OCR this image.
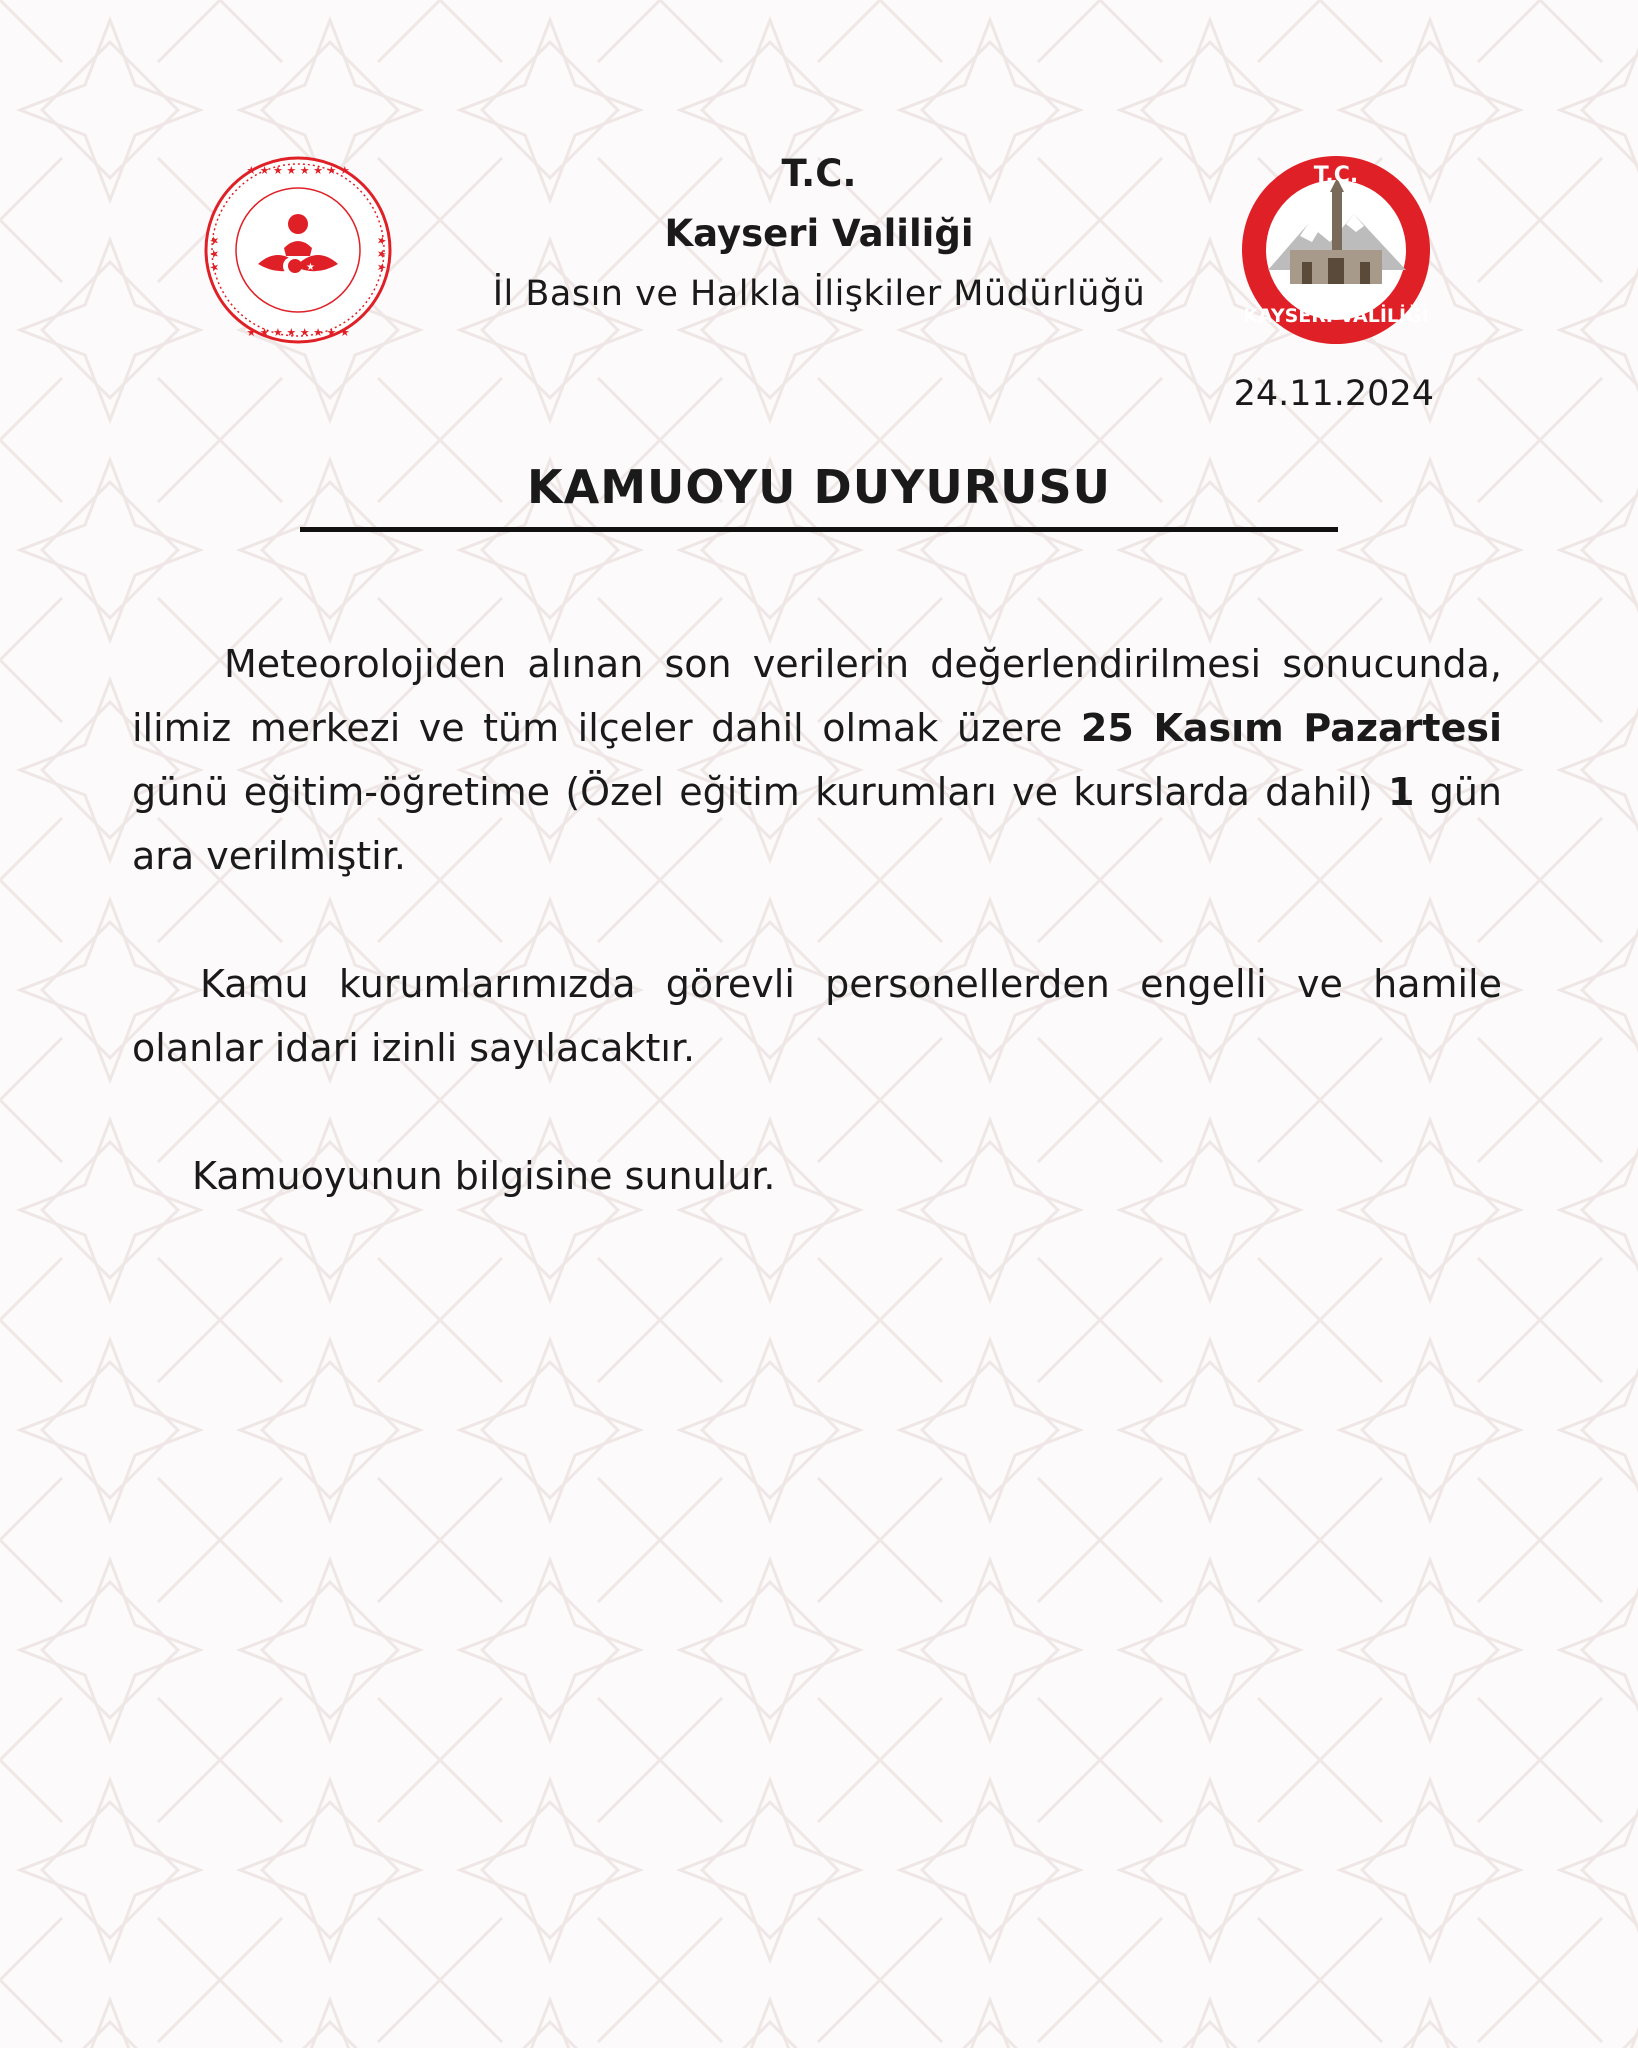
★ ★ ★ ★ ★ ★ ★ ★
★ ★ ★ ★ ★ ★ ★ ★
★ ★ ★	★ ★ ★
★
T.C.
Kayseri Valiliği
İl Basın ve Halkla İlişkiler Müdürlüğü
T.C.
KAYSERİ VALİLİĞİ
24.11.2024
KAMUOYU DUYURUSU
Meteorolojiden alınan son verilerin değerlendirilmesi sonucunda, ilimiz merkezi ve tüm ilçeler dahil olmak üzere 25 Kasım Pazartesi günü eğitim-öğretime (Özel eğitim kurumları ve kurslarda dahil) 1 gün ara verilmiştir.
Kamu kurumlarımızda görevli personellerden engelli ve hamile olanlar idari izinli sayılacaktır.
Kamuoyunun bilgisine sunulur.
